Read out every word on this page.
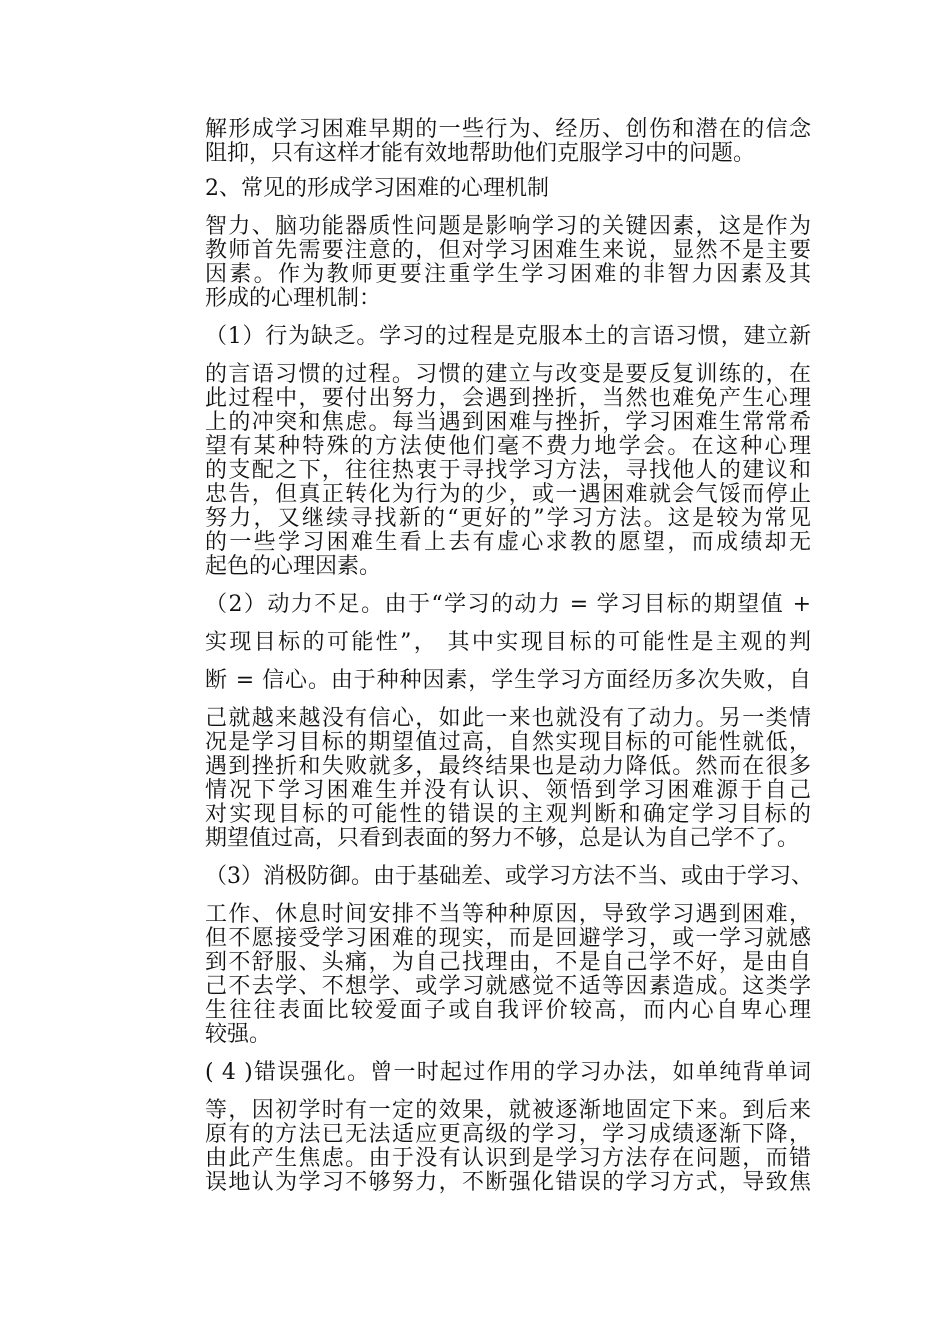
解形成学习困难早期的一些行为、经历、创伤和潜在的信念
阻抑，只有这样才能有效地帮助他们克服学习中的问题。
2、常见的形成学习困难的心理机制
智力、脑功能器质性问题是影响学习的关键因素，这是作为
教师首先需要注意的，但对学习困难生来说，显然不是主要
因素。作为教师更要注重学生学习困难的非智力因素及其
形成的心理机制：
（1）行为缺乏。学习的过程是克服本土的言语习惯，建立新
的言语习惯的过程。习惯的建立与改变是要反复训练的，在
此过程中，要付出努力，会遇到挫折，当然也难免产生心理
上的冲突和焦虑。每当遇到困难与挫折，学习困难生常常希
望有某种特殊的方法使他们毫不费力地学会。在这种心理
的支配之下，往往热衷于寻找学习方法，寻找他人的建议和
忠告，但真正转化为行为的少，或一遇困难就会气馁而停止
努力，又继续寻找新的“更好的”学习方法。这是较为常见
的一些学习困难生看上去有虚心求教的愿望，而成绩却无
起色的心理因素。
（2）动力不足。由于“学习的动力 = 学习目标的期望值 +
实现目标的可能性”， 其中实现目标的可能性是主观的判
断 = 信心。由于种种因素，学生学习方面经历多次失败，自
己就越来越没有信心，如此一来也就没有了动力。另一类情
况是学习目标的期望值过高，自然实现目标的可能性就低，
遇到挫折和失败就多，最终结果也是动力降低。然而在很多
情况下学习困难生并没有认识、领悟到学习困难源于自己
对实现目标的可能性的错误的主观判断和确定学习目标的
期望值过高，只看到表面的努力不够，总是认为自己学不了。
（3）消极防御。由于基础差、或学习方法不当、或由于学习、
工作、休息时间安排不当等种种原因，导致学习遇到困难，
但不愿接受学习困难的现实，而是回避学习，或一学习就感
到不舒服、头痛，为自己找理由，不是自己学不好，是由自
己不去学、不想学、或学习就感觉不适等因素造成。这类学
生往往表面比较爱面子或自我评价较高，而内心自卑心理
较强。
( 4 )错误强化。曾一时起过作用的学习办法，如单纯背单词
等，因初学时有一定的效果，就被逐渐地固定下来。到后来
原有的方法已无法适应更高级的学习，学习成绩逐渐下降，
由此产生焦虑。由于没有认识到是学习方法存在问题，而错
误地认为学习不够努力，不断强化错误的学习方式，导致焦
